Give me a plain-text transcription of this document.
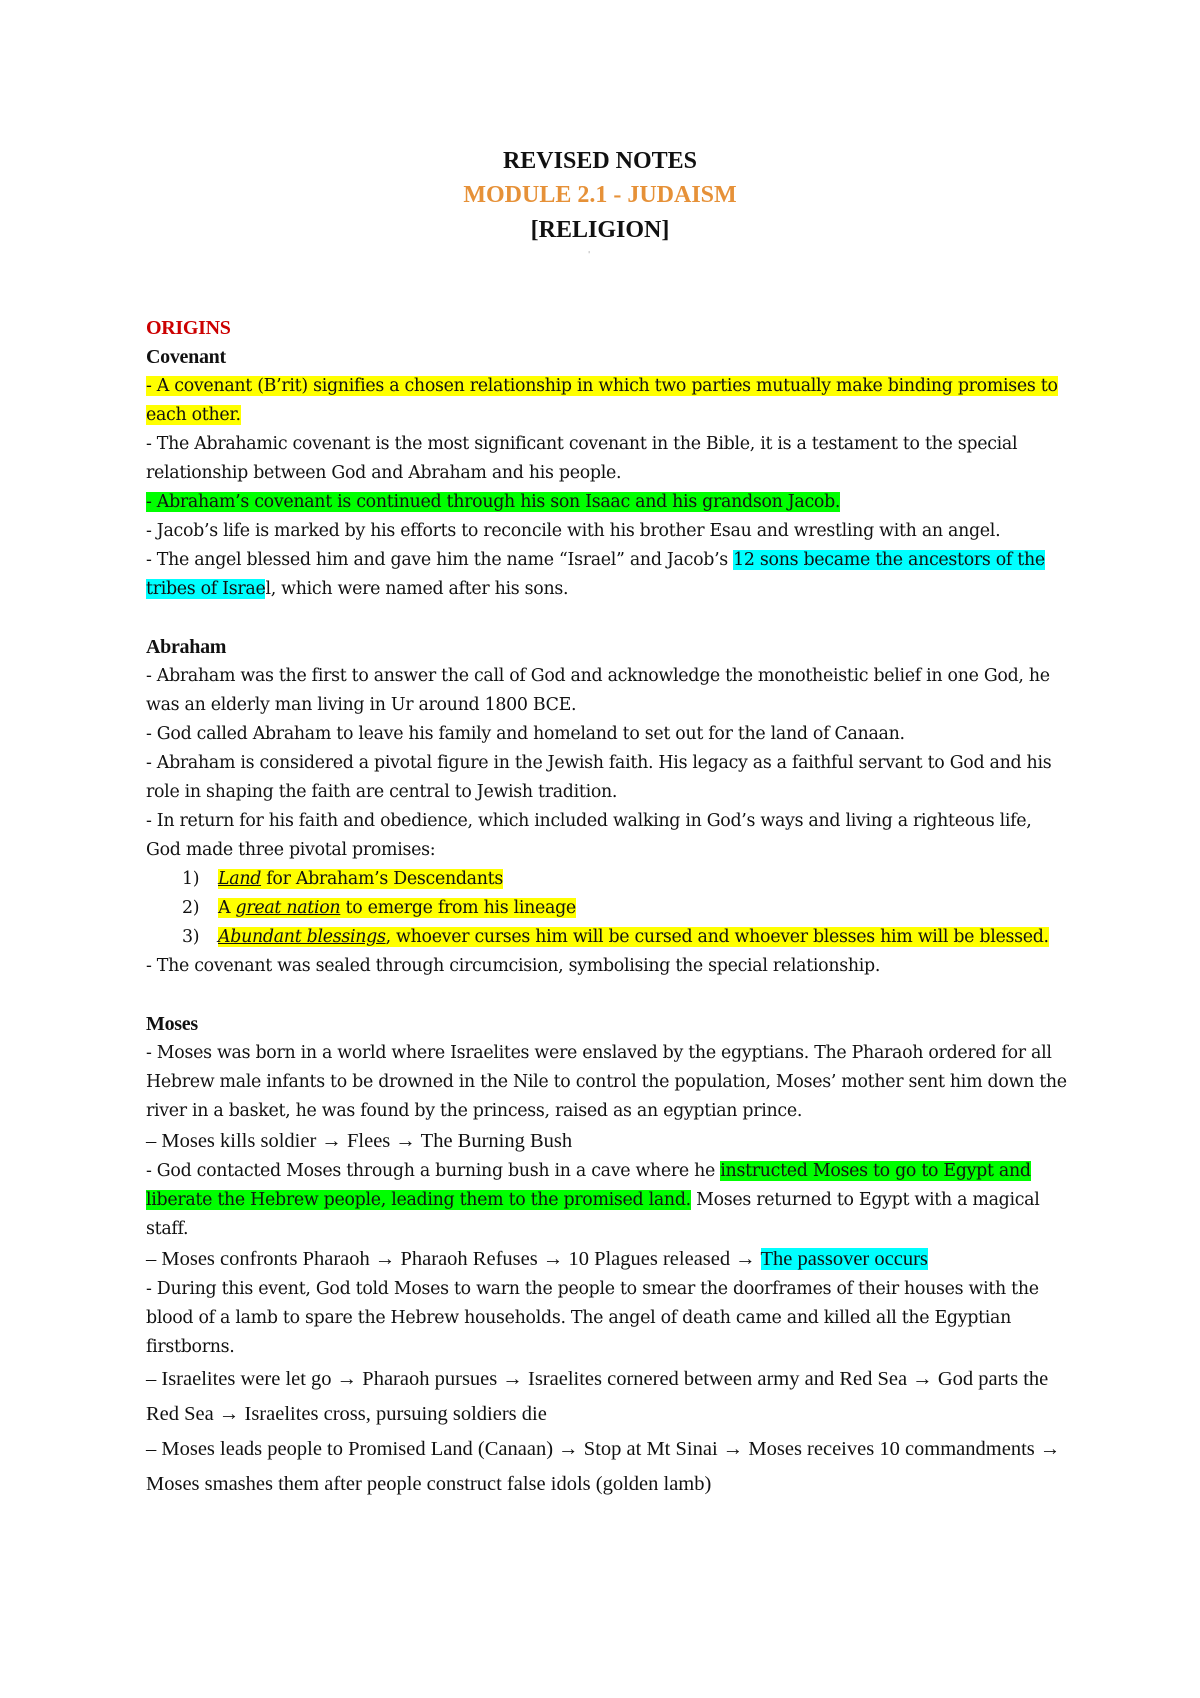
REVISED NOTES
MODULE 2.1 - JUDAISM
[RELIGION]
'
ORIGINS
Covenant

- A covenant (B’rit) signifies a chosen relationship in which two parties mutually make binding promises to each other.

- The Abrahamic covenant is the most significant covenant in the Bible, it is a testament to the special relationship between God and Abraham and his people.

- Abraham’s covenant is continued through his son Isaac and his grandson Jacob.

- Jacob’s life is marked by his efforts to reconcile with his brother Esau and wrestling with an angel.

- The angel blessed him and gave him the name “Israel” and Jacob’s 12 sons became the ancestors of the tribes of Israel, which were named after his sons.

Abraham

- Abraham was the first to answer the call of God and acknowledge the monotheistic belief in one God, he was an elderly man living in Ur around 1800 BCE.

- God called Abraham to leave his family and homeland to set out for the land of Canaan.

- Abraham is considered a pivotal figure in the Jewish faith. His legacy as a faithful servant to God and his role in shaping the faith are central to Jewish tradition.

- In return for his faith and obedience, which included walking in God’s ways and living a righteous life, God made three pivotal promises:

1) Land for Abraham’s Descendants
2) A great nation to emerge from his lineage
3) Abundant blessings, whoever curses him will be cursed and whoever blesses him will be blessed.

- The covenant was sealed through circumcision, symbolising the special relationship.

Moses

- Moses was born in a world where Israelites were enslaved by the egyptians. The Pharaoh ordered for all Hebrew male infants to be drowned in the Nile to control the population, Moses’ mother sent him down the river in a basket, he was found by the princess, raised as an egyptian prince.

– Moses kills soldier → Flees → The Burning Bush

- God contacted Moses through a burning bush in a cave where he instructed Moses to go to Egypt and liberate the Hebrew people, leading them to the promised land. Moses returned to Egypt with a magical staff.

– Moses confronts Pharaoh → Pharaoh Refuses → 10 Plagues released → The passover occurs

- During this event, God told Moses to warn the people to smear the doorframes of their houses with the blood of a lamb to spare the Hebrew households. The angel of death came and killed all the Egyptian firstborns.

– Israelites were let go → Pharaoh pursues → Israelites cornered between army and Red Sea → God parts the Red Sea → Israelites cross, pursuing soldiers die

– Moses leads people to Promised Land (Canaan) → Stop at Mt Sinai → Moses receives 10 commandments → Moses smashes them after people construct false idols (golden lamb)
